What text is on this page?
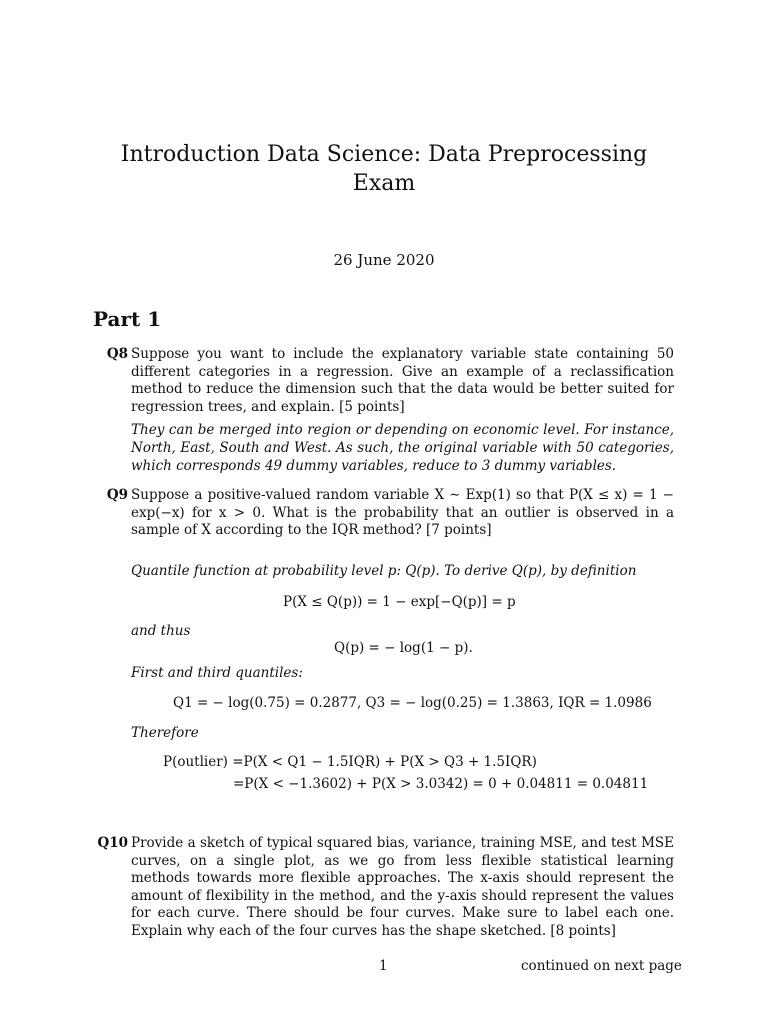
Introduction Data Science: Data Preprocessing
Exam
26 June 2020
Part 1
Q8 Suppose you want to include the explanatory variable state containing 50 different categories in a regression. Give an example of a reclassification method to reduce the dimension such that the data would be better suited for regression trees, and explain. [5 points]
They can be merged into region or depending on economic level. For instance, North, East, South and West. As such, the original variable with 50 categories, which corresponds 49 dummy variables, reduce to 3 dummy variables.
Q9 Suppose a positive-valued random variable X ∼ Exp(1) so that P(X ≤ x) = 1 − exp(−x) for x > 0. What is the probability that an outlier is observed in a sample of X according to the IQR method? [7 points]
Quantile function at probability level p: Q(p). To derive Q(p), by definition
P(X ≤ Q(p)) = 1 − exp[−Q(p)] = p
and thus
Q(p) = − log(1 − p).
First and third quantiles:
Q1 = − log(0.75) = 0.2877, Q3 = − log(0.25) = 1.3863, IQR = 1.0986
Therefore
P(outlier) =P(X < Q1 − 1.5IQR) + P(X > Q3 + 1.5IQR)
=P(X < −1.3602) + P(X > 3.0342) = 0 + 0.04811 = 0.04811
Q10 Provide a sketch of typical squared bias, variance, training MSE, and test MSE curves, on a single plot, as we go from less flexible statistical learning methods towards more flexible approaches. The x-axis should represent the amount of flexibility in the method, and the y-axis should represent the values for each curve. There should be four curves. Make sure to label each one. Explain why each of the four curves has the shape sketched. [8 points]
1	continued on next page
